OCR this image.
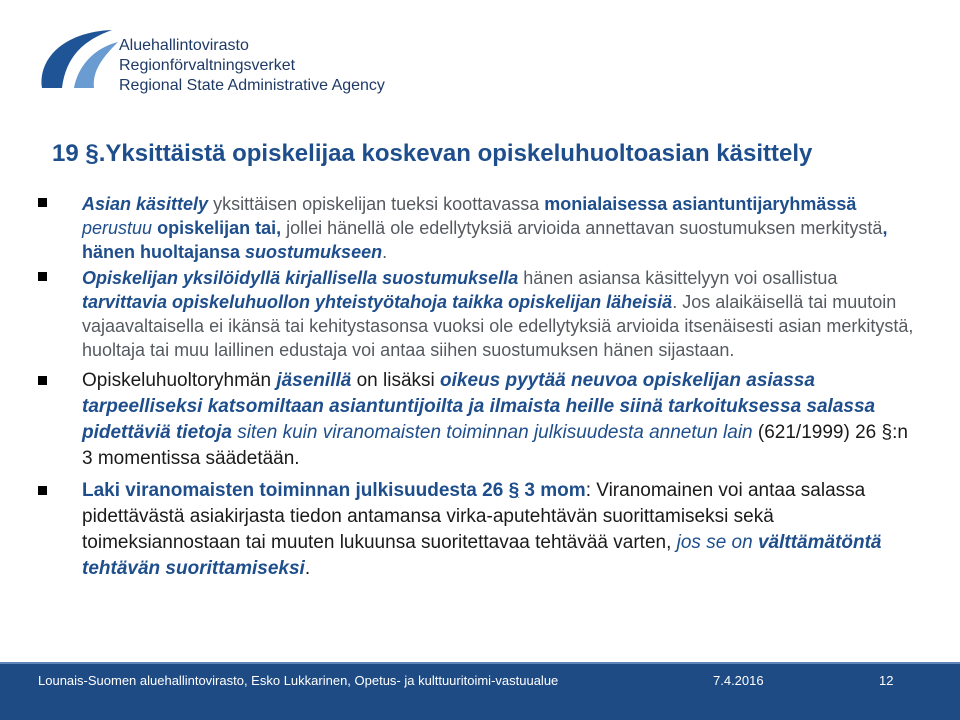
Aluehallintovirasto
Regionförvaltningsverket
Regional State Administrative Agency
19 §.Yksittäistä opiskelijaa koskevan opiskeluhuoltoasian käsittely
Asian käsittely yksittäisen opiskelijan tueksi koottavassa monialaisessa asiantuntijaryhmässä perustuu opiskelijan tai, jollei hänellä ole edellytyksiä arvioida annettavan suostumuksen merkitystä, hänen huoltajansa suostumukseen.
Opiskelijan yksilöidyllä kirjallisella suostumuksella hänen asiansa käsittelyyn voi osallistua tarvittavia opiskeluhuollon yhteistyötahoja taikka opiskelijan läheisiä. Jos alaikäisellä tai muutoin vajaavaltaisella ei ikänsä tai kehitystasonsa vuoksi ole edellytyksiä arvioida itsenäisesti asian merkitystä, huoltaja tai muu laillinen edustaja voi antaa siihen suostumuksen hänen sijastaan.
Opiskeluhuoltoryhmän jäsenillä on lisäksi oikeus pyytää neuvoa opiskelijan asiassa tarpeelliseksi katsomiltaan asiantuntijoilta ja ilmaista heille siinä tarkoituksessa salassa pidettäviä tietoja siten kuin viranomaisten toiminnan julkisuudesta annetun lain (621/1999) 26 §:n 3 momentissa säädetään.
Laki viranomaisten toiminnan julkisuudesta 26 § 3 mom: Viranomainen voi antaa salassa pidettävästä asiakirjasta tiedon antamansa virka-aputehtävän suorittamiseksi sekä toimeksiannostaan tai muuten lukuunsa suoritettavaa tehtävää varten, jos se on välttämätöntä tehtävän suorittamiseksi.
Lounais-Suomen aluehallintovirasto, Esko Lukkarinen, Opetus- ja kulttuuritoimi-vastuualue	7.4.2016	12
